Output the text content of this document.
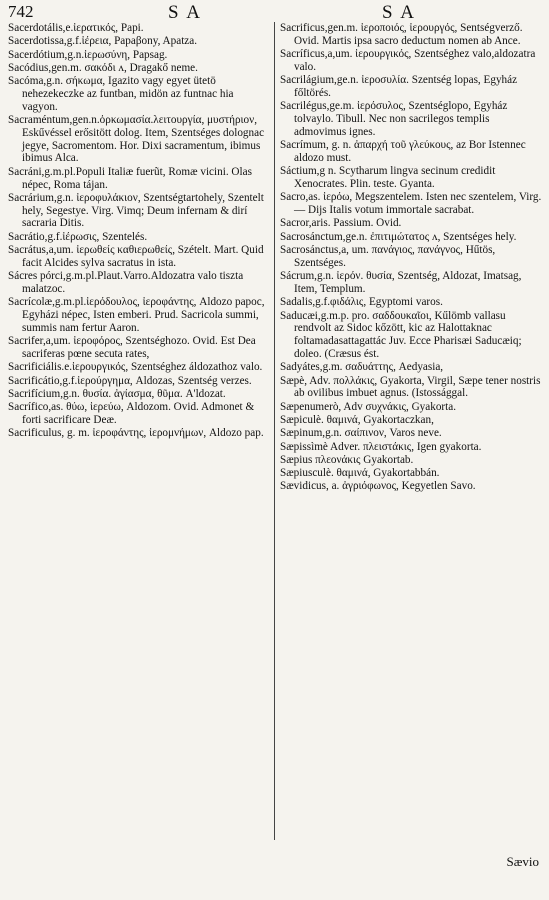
742	S A	S A

Sacerdotális,e.ἱερατικός, Papi.

Sacerdotissa,g.f.ἱέρεια, Papaβony, Apatza.

Sacerdótium,g.n.ἱερωσύνη, Papsag.

Sacódius,gen.m. σακόδι ᴧ, Dragakő neme.

Sacóma,g.n. σήκωμα, Igazito vagy egyet ütetö nehezekeczke az funtban, midön az funtnac hia vagyon.

Sacraméntum,gen.n.ὀρκωμασία.λειτουργία, μυστήριον, Eskűvéssel erősitött dolog. Item, Szentséges dolognac jegye, Sacromentom. Hor. Dixi sacramentum, ibimus ibimus Alca.

Sacráni,g.m.pl.Populi Italiæ fuerũt, Romæ vicini. Olas népec, Roma tájan.

Sacrárium,g.n. ἱεροφυλάκιον, Szentségtartohely, Szentelt hely, Segestye. Virg. Vimq; Deum infernam & dirí sacraria Ditis.

Sacrátio,g.f.ἱέρωσις, Szentelés.

Sacrátus,a,um. ἱερωθείς καθιερωθείς, Szételt. Mart. Quid facit Alcides sylva sacratus in ista.

Sácres pórci,g.m.pl.Plaut.Varro.Aldozatra valo tiszta malatzoc.

Sacrícolæ,g.m.pl.ἱερόδουλος, ἱεροφάντης, Aldozo papoc, Egyházi népec, Isten emberi. Prud. Sacricola summi, summis nam fertur Aaron.

Sacrifer,a,um. ἱεροφόρος, Szentséghozo. Ovid. Est Dea sacriferas pœne secuta rates,

Sacrificiális.e.ἱερουργικός, Szentséghez áldozathoz valo.

Sacrificátio,g.f.ἱερούργημα, Aldozas, Szentség verzes.

Sacrifícium,g.n. θυσία. ἁγίασμα, θῦμα. A'ldozat.

Sacrífico,as. θύω, ἱερεύω, Aldozom. Ovid. Admonet & forti sacrificare Deæ.

Sacrificulus, g. m. ἱεροφάντης, ἱερομνήμων, Aldozo pap.

Sacrificus,gen.m. ἱεροποιός, ἱερουργός, Sentségverző. Ovid. Martis ipsa sacro deductum nomen ab Ance.

Sacríficus,a,um. ἱερουργικός, Szentséghez valo,aldozatra valo.

Sacrilágium,ge.n. ἱεροσυλία. Szentség lopas, Egyház főltörés.

Sacrilégus,ge.m. ἱερόσυλος, Szentséglopo, Egyház tolvaylo. Tibull. Nec non sacrilegos templis admovimus ignes.

Sacrímum, g. n. ἀπαρχή τοῦ γλεύκους, az Bor Istennec aldozo must.

Sáctium,g n. Scytharum lingva secinum credidit Xenocrates. Plin. teste. Gyanta.

Sacro,as. ἱερόω, Megszentelem. Isten nec szentelem, Virg. — Dijs Italis votum immortale sacrabat.

Sacror,aris. Passium. Ovid.

Sacrosánctum,ge.n. ἐπιτιμώτατος ᴧ, Szentséges hely.

Sacrosánctus,a, um. πανάγιος, πανάγνος, Hűtös, Szentséges.

Sácrum,g.n. ἱερόν. θυσία, Szentség, Aldozat, Imatsag, Item, Templum.

Sadalis,g.f.φιδάλις, Egyptomi varos.

Saducæi,g.m.p. pro. σαδδουκαῖοι, Kűlömb vallasu rendvolt az Sidoc kőzött, kic az Halottaknac foltamadasattagattác Juv. Ecce Pharisæi Saducæiq; doleo. (Cræsus ést.

Sadyátes,g.m. σαδυάττης, Aedyasia,

Sæpè, Adv. πολλάκις, Gyakorta, Virgil, Sæpe tener nostris ab ovilibus imbuet agnus. (Istossággal.

Sæpenumerò, Adv συχνάκις, Gyakorta.

Sæpiculè. θαμινά, Gyakortaczkan,

Sæpinum,g.n. σαίπινον, Varos neve.

Sæpissìmè Adver. πλειστάκις, Igen gyakorta.

Sæpius πλεονάκις Gyakortab.

Sæpiusculè. θαμινά, Gyakortabbán.

Sævidicus, a. ἀγριόφωνος, Kegyetlen Savo.

Sævio
